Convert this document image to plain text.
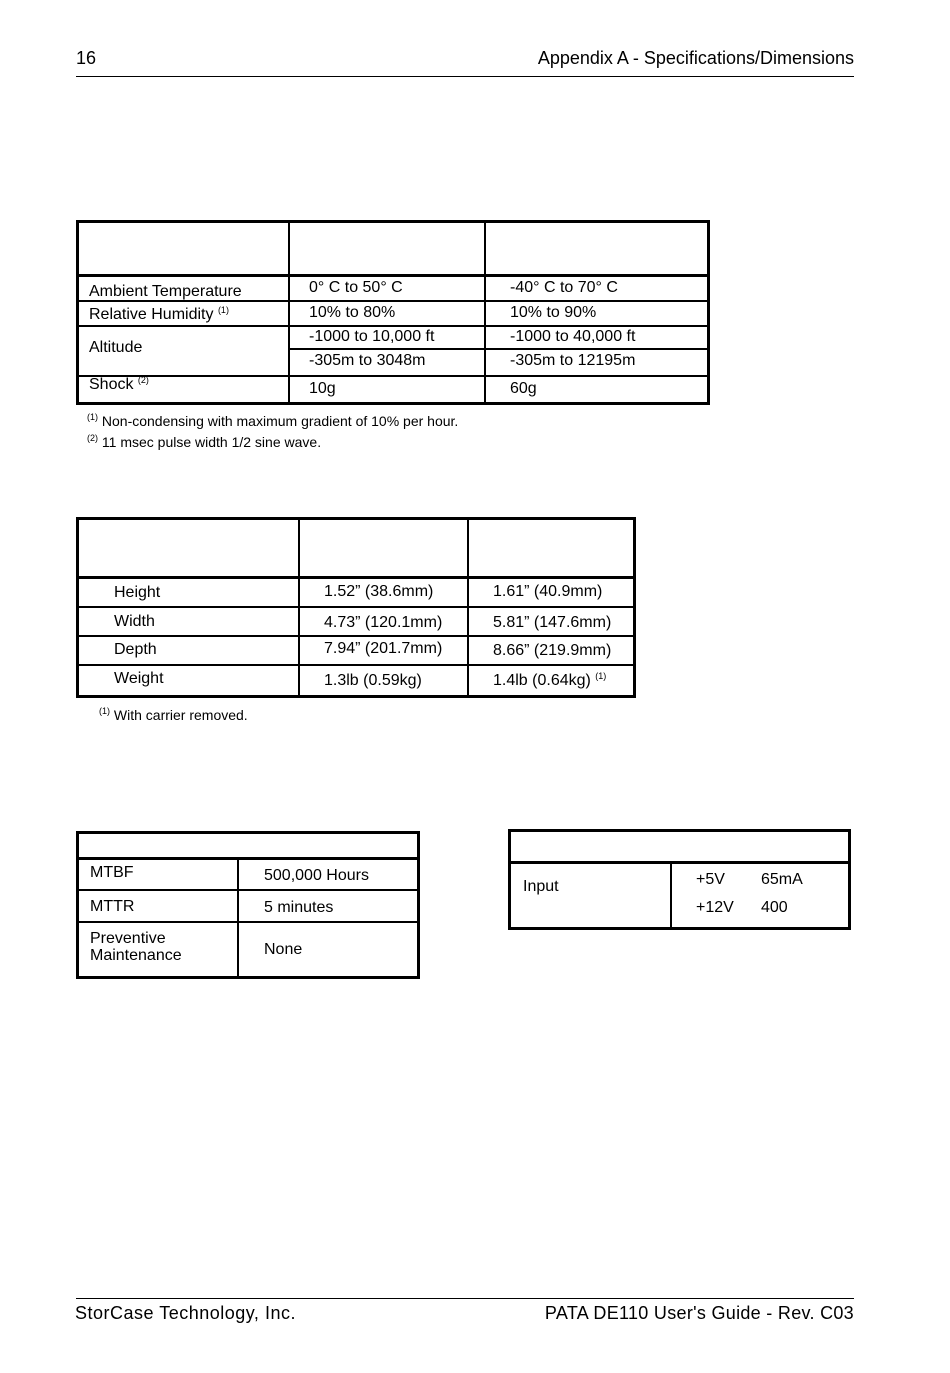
16	Appendix A - Specifications/Dimensions
Ambient Temperature	0° C to 50° C	-40° C to 70° C
Relative Humidity $^{(1)}$	10% to 80%	10% to 90%
Altitude
-1000 to 10,000 ft	-1000 to 40,000 ft
-305m to 3048m	-305m to 12195m
Shock $^{(2)}$	10g	60g
$^{(1)}$ Non-condensing with maximum gradient of 10% per hour.
$^{(2)}$ 11 msec pulse width 1/2 sine wave.
Height	1.52” (38.6mm)	1.61” (40.9mm)
Width	4.73” (120.1mm)	5.81” (147.6mm)
Depth	7.94” (201.7mm)	8.66” (219.9mm)
Weight	1.3lb (0.59kg)	1.4lb (0.64kg) $^{(1)}$
$^{(1)}$ With carrier removed.
MTBF	500,000 Hours
MTTR	5 minutes
Preventive
Maintenance	None
Input	+5V 65mA
+12V 400
StorCase Technology, Inc.	PATA DE110 User's Guide - Rev. C03
